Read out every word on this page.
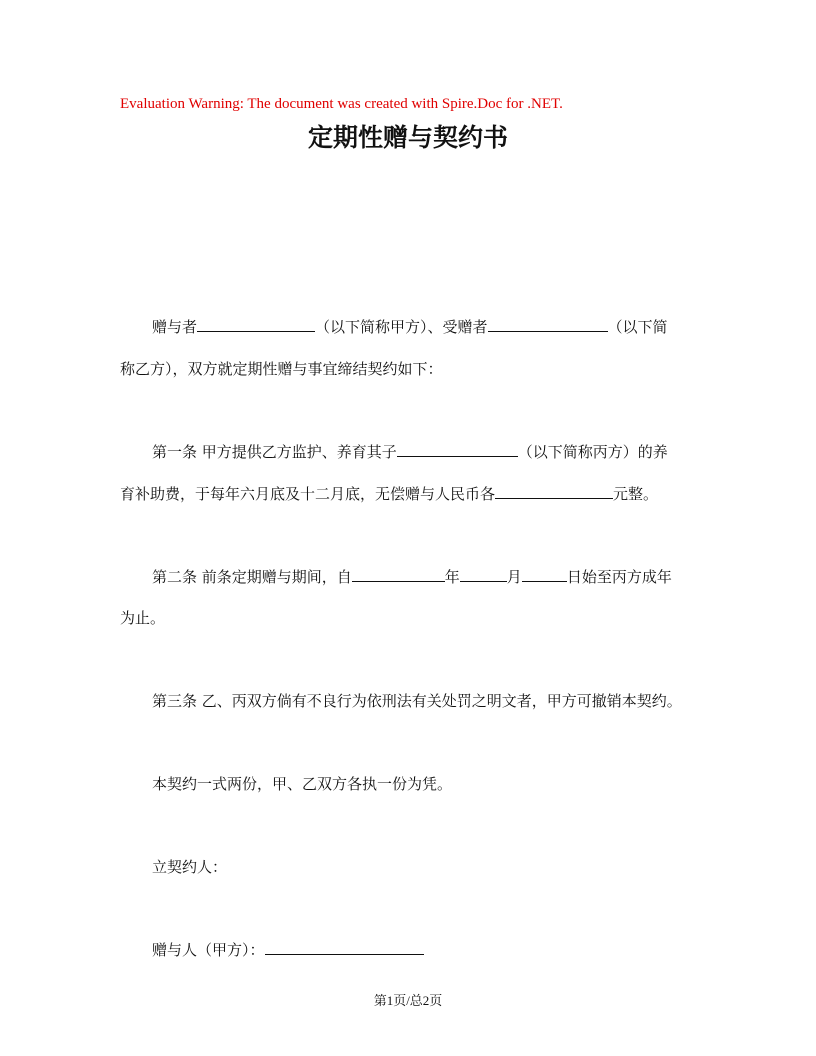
Evaluation Warning: The document was created with Spire.Doc for .NET.
定期性赠与契约书
赠与者	（以下简称甲方）、受赠者	（以下简
称乙方），双方就定期性赠与事宜缔结契约如下：
第一条 甲方提供乙方监护、养育其子	（以下简称丙方）的养
育补助费，于每年六月底及十二月底，无偿赠与人民币各	元整。
第二条 前条定期赠与期间，自	年	月	日始至丙方成年
为止。
第三条 乙、丙双方倘有不良行为依刑法有关处罚之明文者，甲方可撤销本契约。
本契约一式两份，甲、乙双方各执一份为凭。
立契约人：
赠与人（甲方）：
第1页/总2页
